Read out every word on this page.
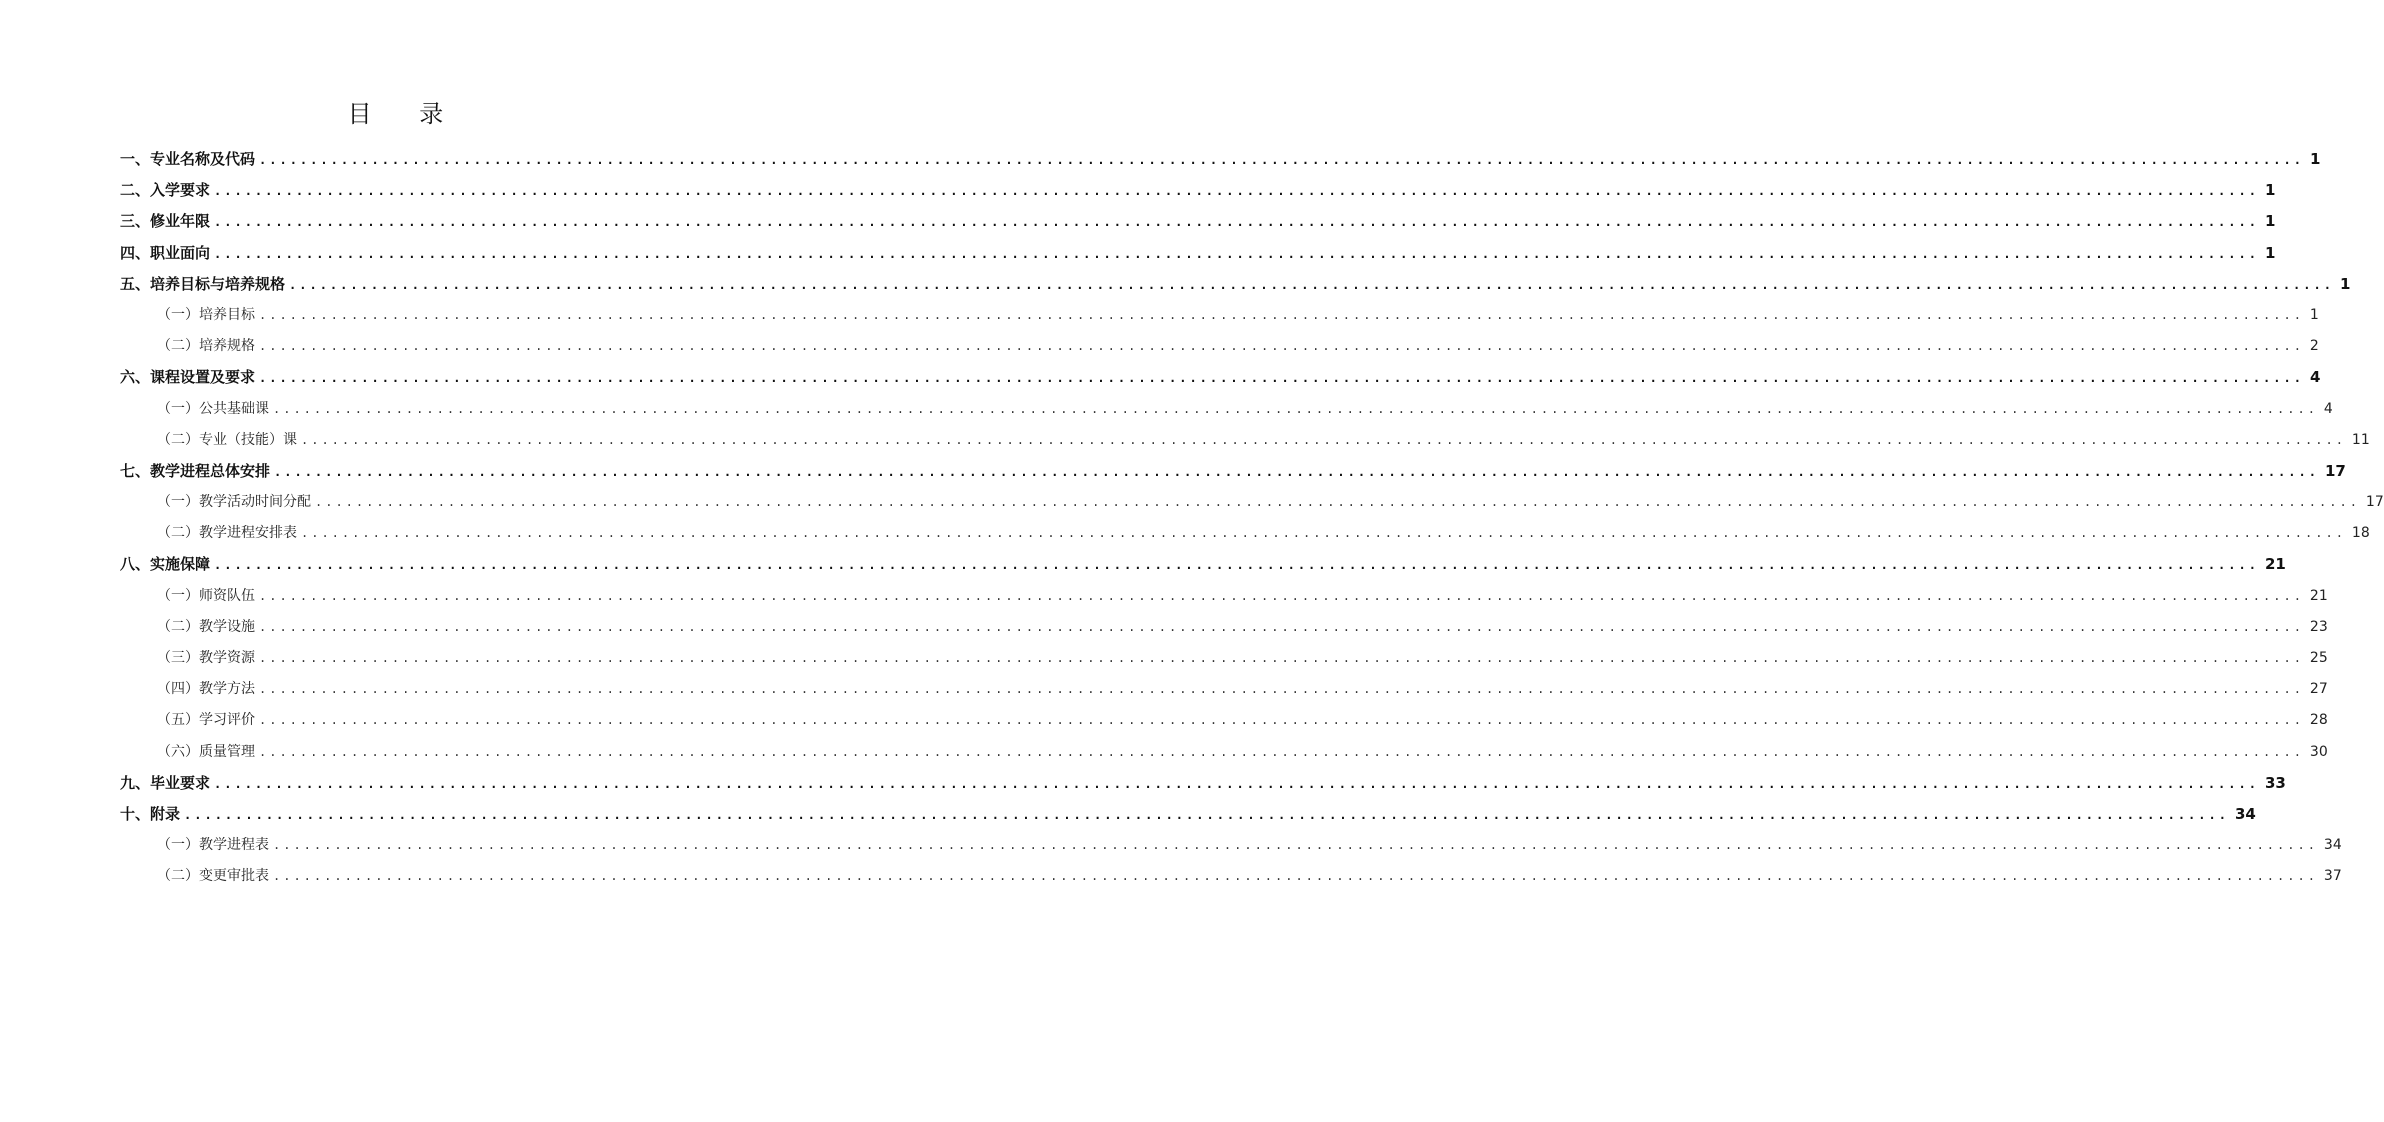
目 录
一、专业名称及代码 ........................................................................................................................................................................................................ 1
二、入学要求 ........................................................................................................................................................................................................ 1
三、修业年限 ........................................................................................................................................................................................................ 1
四、职业面向 ........................................................................................................................................................................................................ 1
五、培养目标与培养规格 ........................................................................................................................................................................................................ 1
（一）培养目标 ........................................................................................................................................................................................................ 1
（二）培养规格 ........................................................................................................................................................................................................ 2
六、课程设置及要求 ........................................................................................................................................................................................................ 4
（一）公共基础课 ........................................................................................................................................................................................................ 4
（二）专业（技能）课 ........................................................................................................................................................................................................ 11
七、教学进程总体安排 ........................................................................................................................................................................................................ 17
（一）教学活动时间分配 ........................................................................................................................................................................................................ 17
（二）教学进程安排表 ........................................................................................................................................................................................................ 18
八、实施保障 ........................................................................................................................................................................................................ 21
（一）师资队伍 ........................................................................................................................................................................................................ 21
（二）教学设施 ........................................................................................................................................................................................................ 23
（三）教学资源 ........................................................................................................................................................................................................ 25
（四）教学方法 ........................................................................................................................................................................................................ 27
（五）学习评价 ........................................................................................................................................................................................................ 28
（六）质量管理 ........................................................................................................................................................................................................ 30
九、毕业要求 ........................................................................................................................................................................................................ 33
十、附录 ........................................................................................................................................................................................................ 34
（一）教学进程表 ........................................................................................................................................................................................................ 34
（二）变更审批表 ........................................................................................................................................................................................................ 37
